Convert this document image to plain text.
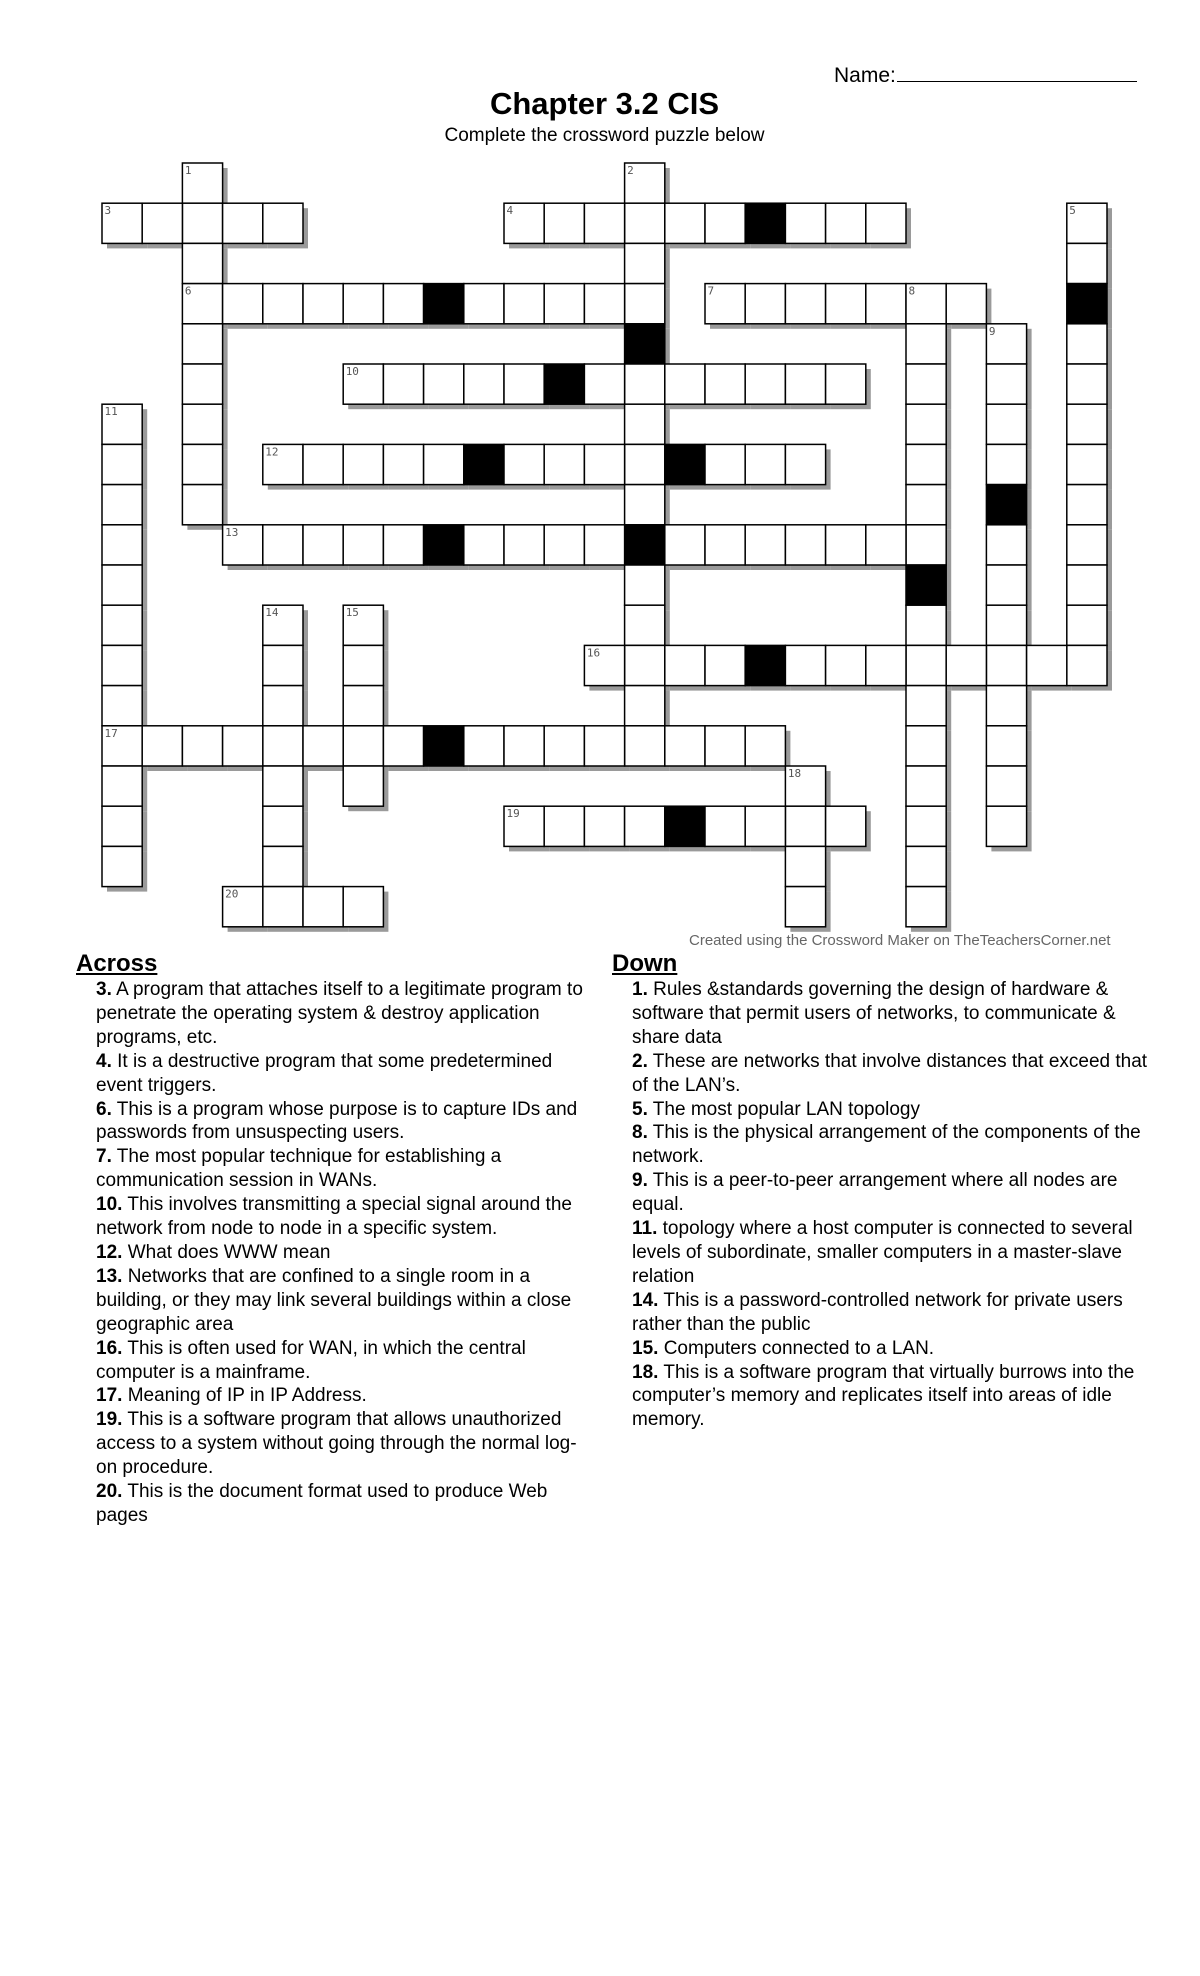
Name:
Chapter 3.2 CIS
Complete the crossword puzzle below
1	2
3	4	5
6	7	8
9
10
11
12
13
14	15
16
17
18
19
20
Created using the Crossword Maker on TheTeachersCorner.net
Across
3. A program that attaches itself to a legitimate program to penetrate the operating system & destroy application programs, etc.
4. It is a destructive program that some predetermined event triggers.
6. This is a program whose purpose is to capture IDs and passwords from unsuspecting users.
7. The most popular technique for establishing a communication session in WANs.
10. This involves transmitting a special signal around the network from node to node in a specific system.
12. What does WWW mean
13. Networks that are confined to a single room in a building, or they may link several buildings within a close geographic area
16. This is often used for WAN, in which the central computer is a mainframe.
17. Meaning of IP in IP Address.
19. This is a software program that allows unauthorized access to a system without going through the normal log-on procedure.
20. This is the document format used to produce Web pages
Down
1. Rules &standards governing the design of hardware & software that permit users of networks, to communicate & share data
2. These are networks that involve distances that exceed that of the LAN’s.
5. The most popular LAN topology
8. This is the physical arrangement of the components of the network.
9. This is a peer-to-peer arrangement where all nodes are equal.
11. topology where a host computer is connected to several levels of subordinate, smaller computers in a master-slave relation
14. This is a password-controlled network for private users rather than the public
15. Computers connected to a LAN.
18. This is a software program that virtually burrows into the computer’s memory and replicates itself into areas of idle memory.
